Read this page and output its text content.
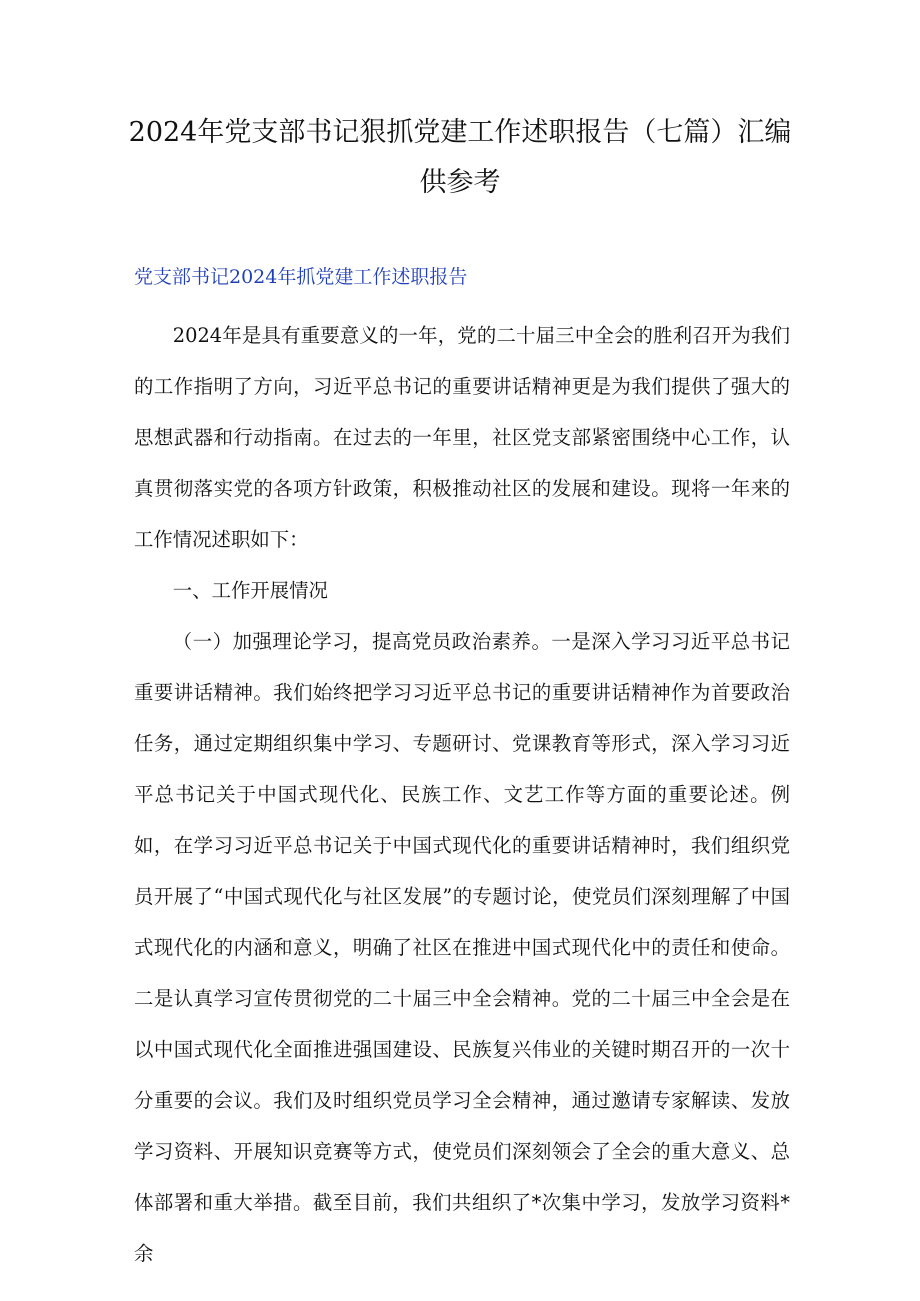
2024年党支部书记狠抓党建工作述职报告（七篇）汇编供参考
党支部书记2024年抓党建工作述职报告

2024年是具有重要意义的一年，党的二十届三中全会的胜利召开为我们的工作指明了方向，习近平总书记的重要讲话精神更是为我们提供了强大的思想武器和行动指南。在过去的一年里，社区党支部紧密围绕中心工作，认真贯彻落实党的各项方针政策，积极推动社区的发展和建设。现将一年来的工作情况述职如下：

一、工作开展情况

（一）加强理论学习，提高党员政治素养。一是深入学习习近平总书记重要讲话精神。我们始终把学习习近平总书记的重要讲话精神作为首要政治任务，通过定期组织集中学习、专题研讨、党课教育等形式，深入学习习近平总书记关于中国式现代化、民族工作、文艺工作等方面的重要论述。例如，在学习习近平总书记关于中国式现代化的重要讲话精神时，我们组织党员开展了“中国式现代化与社区发展”的专题讨论，使党员们深刻理解了中国式现代化的内涵和意义，明确了社区在推进中国式现代化中的责任和使命。二是认真学习宣传贯彻党的二十届三中全会精神。党的二十届三中全会是在以中国式现代化全面推进强国建设、民族复兴伟业的关键时期召开的一次十分重要的会议。我们及时组织党员学习全会精神，通过邀请专家解读、发放学习资料、开展知识竞赛等方式，使党员们深刻领会了全会的重大意义、总体部署和重大举措。截至目前，我们共组织了*次集中学习，发放学习资料*余
